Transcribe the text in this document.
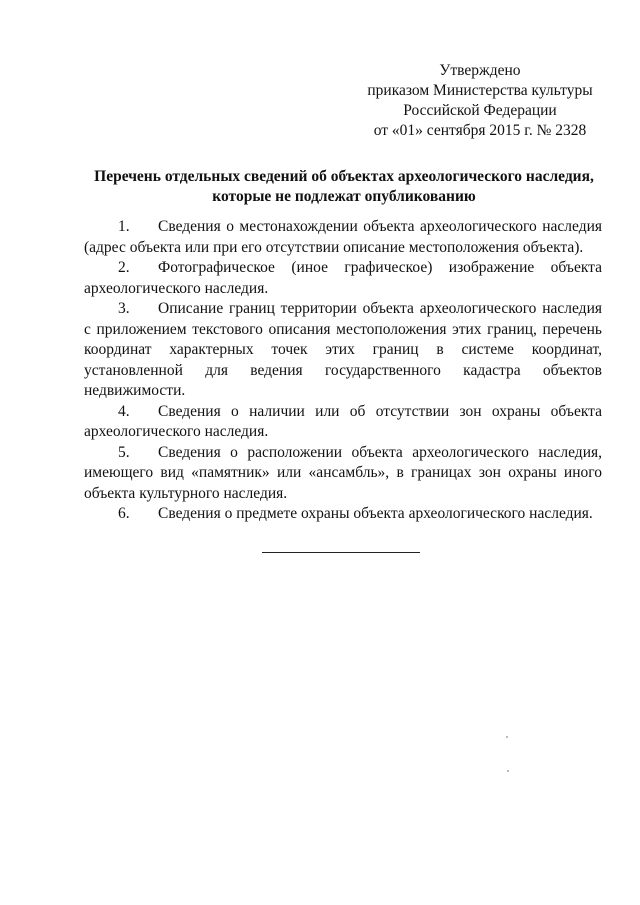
Утверждено
приказом Министерства культуры
Российской Федерации
от «01» сентября 2015 г. № 2328
Перечень отдельных сведений об объектах археологического наследия,
которые не подлежат опубликованию
1. Сведения о местонахождении объекта археологического наследия (адрес объекта или при его отсутствии описание местоположения объекта).
2. Фотографическое (иное графическое) изображение объекта археологического наследия.
3. Описание границ территории объекта археологического наследия с приложением текстового описания местоположения этих границ, перечень координат характерных точек этих границ в системе координат, установленной для ведения государственного кадастра объектов недвижимости.
4. Сведения о наличии или об отсутствии зон охраны объекта археологического наследия.
5. Сведения о расположении объекта археологического наследия, имеющего вид «памятник» или «ансамбль», в границах зон охраны иного объекта культурного наследия.
6. Сведения о предмете охраны объекта археологического наследия.
